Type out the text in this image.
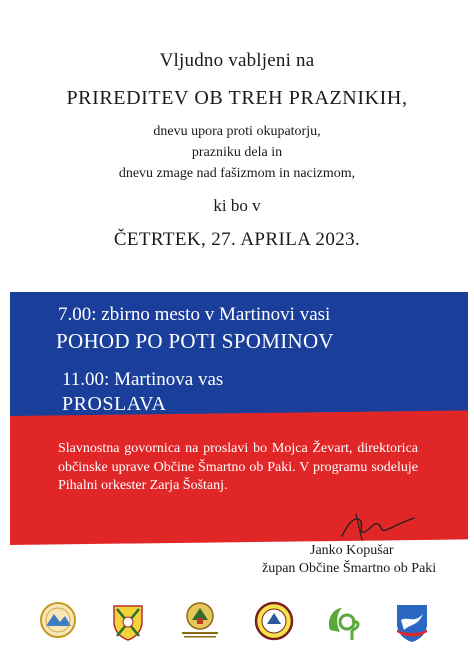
Vljudno vabljeni na
PRIREDITEV OB TREH PRAZNIKIH,
dnevu upora proti okupatorju,
prazniku dela in
dnevu zmage nad fašizmom in nacizmom,
ki bo v
ČETRTEK, 27. APRILA 2023.
7.00: zbirno mesto v Martinovi vasi
POHOD PO POTI SPOMINOV
11.00: Martinova vas
PROSLAVA
Slavnostna govornica na proslavi bo Mojca Ževart, direktorica občinske uprave Občine Šmartno ob Paki. V programu sodeluje Pihalni orkester Zarja Šoštanj.
Janko Kopušar
župan Občine Šmartno ob Paki
